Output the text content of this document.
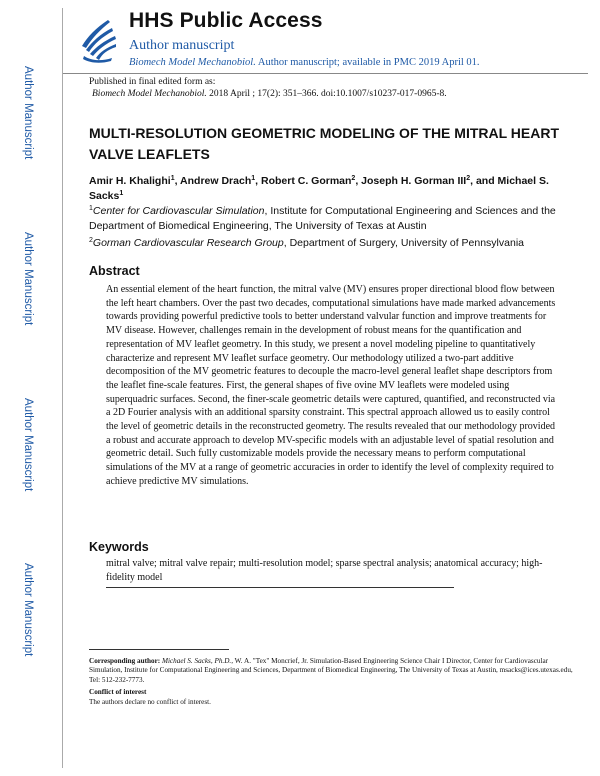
HHS Public Access
Author manuscript
Biomech Model Mechanobiol. Author manuscript; available in PMC 2019 April 01.
Author Manuscript
Author Manuscript
Author Manuscript
Author Manuscript
Published in final edited form as:
Biomech Model Mechanobiol. 2018 April ; 17(2): 351–366. doi:10.1007/s10237-017-0965-8.
MULTI-RESOLUTION GEOMETRIC MODELING OF THE MITRAL HEART VALVE LEAFLETS
Amir H. Khalighi$^1$, Andrew Drach$^1$, Robert C. Gorman$^2$, Joseph H. Gorman III$^2$, and Michael S. Sacks$^1$
$^1$Center for Cardiovascular Simulation, Institute for Computational Engineering and Sciences and the Department of Biomedical Engineering, The University of Texas at Austin
$^2$Gorman Cardiovascular Research Group, Department of Surgery, University of Pennsylvania
Abstract
An essential element of the heart function, the mitral valve (MV) ensures proper directional blood flow between the left heart chambers. Over the past two decades, computational simulations have made marked advancements towards providing powerful predictive tools to better understand valvular function and improve treatments for MV disease. However, challenges remain in the development of robust means for the quantification and representation of MV leaflet geometry. In this study, we present a novel modeling pipeline to quantitatively characterize and represent MV leaflet surface geometry. Our methodology utilized a two-part additive decomposition of the MV geometric features to decouple the macro-level general leaflet shape descriptors from the leaflet fine-scale features. First, the general shapes of five ovine MV leaflets were modeled using superquadric surfaces. Second, the finer-scale geometric details were captured, quantified, and reconstructed via a 2D Fourier analysis with an additional sparsity constraint. This spectral approach allowed us to easily control the level of geometric details in the reconstructed geometry. The results revealed that our methodology provided a robust and accurate approach to develop MV-specific models with an adjustable level of spatial resolution and geometric detail. Such fully customizable models provide the necessary means to perform computational simulations of the MV at a range of geometric accuracies in order to identify the level of complexity required to achieve predictive MV simulations.
Keywords
mitral valve; mitral valve repair; multi-resolution model; sparse spectral analysis; anatomical accuracy; high-fidelity model
Corresponding author: Michael S. Sacks, Ph.D., W. A. "Tex" Moncrief, Jr. Simulation-Based Engineering Science Chair I Director, Center for Cardiovascular Simulation, Institute for Computational Engineering and Sciences, Department of Biomedical Engineering, The University of Texas at Austin, msacks@ices.utexas.edu, Tel: 512-232-7773.
Conflict of interest
The authors declare no conflict of interest.
